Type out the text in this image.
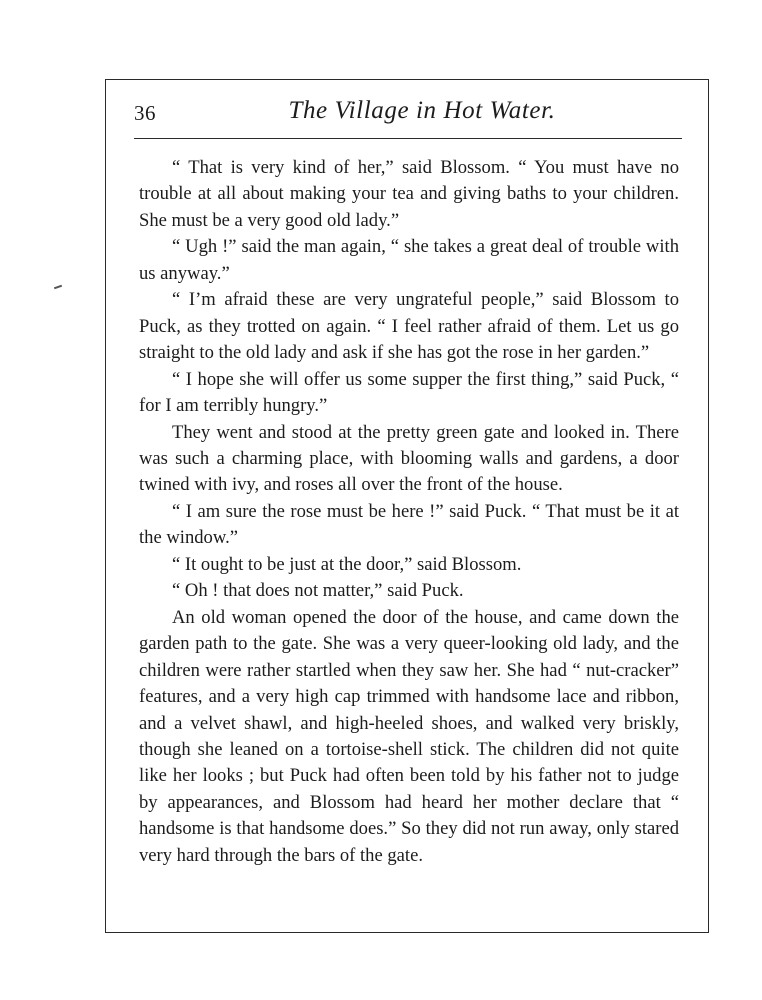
36	The Village in Hot Water.

“ That is very kind of her,” said Blossom. “ You must have no trouble at all about making your tea and giving baths to your children. She must be a very good old lady.”

“ Ugh !” said the man again, “ she takes a great deal of trouble with us anyway.”

“ I’m afraid these are very ungrateful people,” said Blossom to Puck, as they trotted on again. “ I feel rather afraid of them. Let us go straight to the old lady and ask if she has got the rose in her garden.”

“ I hope she will offer us some supper the first thing,” said Puck, “ for I am terribly hungry.”

They went and stood at the pretty green gate and looked in. There was such a charming place, with blooming walls and gardens, a door twined with ivy, and roses all over the front of the house.

“ I am sure the rose must be here !” said Puck. “ That must be it at the window.”

“ It ought to be just at the door,” said Blossom.

“ Oh ! that does not matter,” said Puck.

An old woman opened the door of the house, and came down the garden path to the gate. She was a very queer-looking old lady, and the children were rather startled when they saw her. She had “ nut-cracker” features, and a very high cap trimmed with handsome lace and ribbon, and a velvet shawl, and high-heeled shoes, and walked very briskly, though she leaned on a tortoise-shell stick. The children did not quite like her looks ; but Puck had often been told by his father not to judge by appearances, and Blossom had heard her mother declare that “ handsome is that handsome does.” So they did not run away, only stared very hard through the bars of the gate.
